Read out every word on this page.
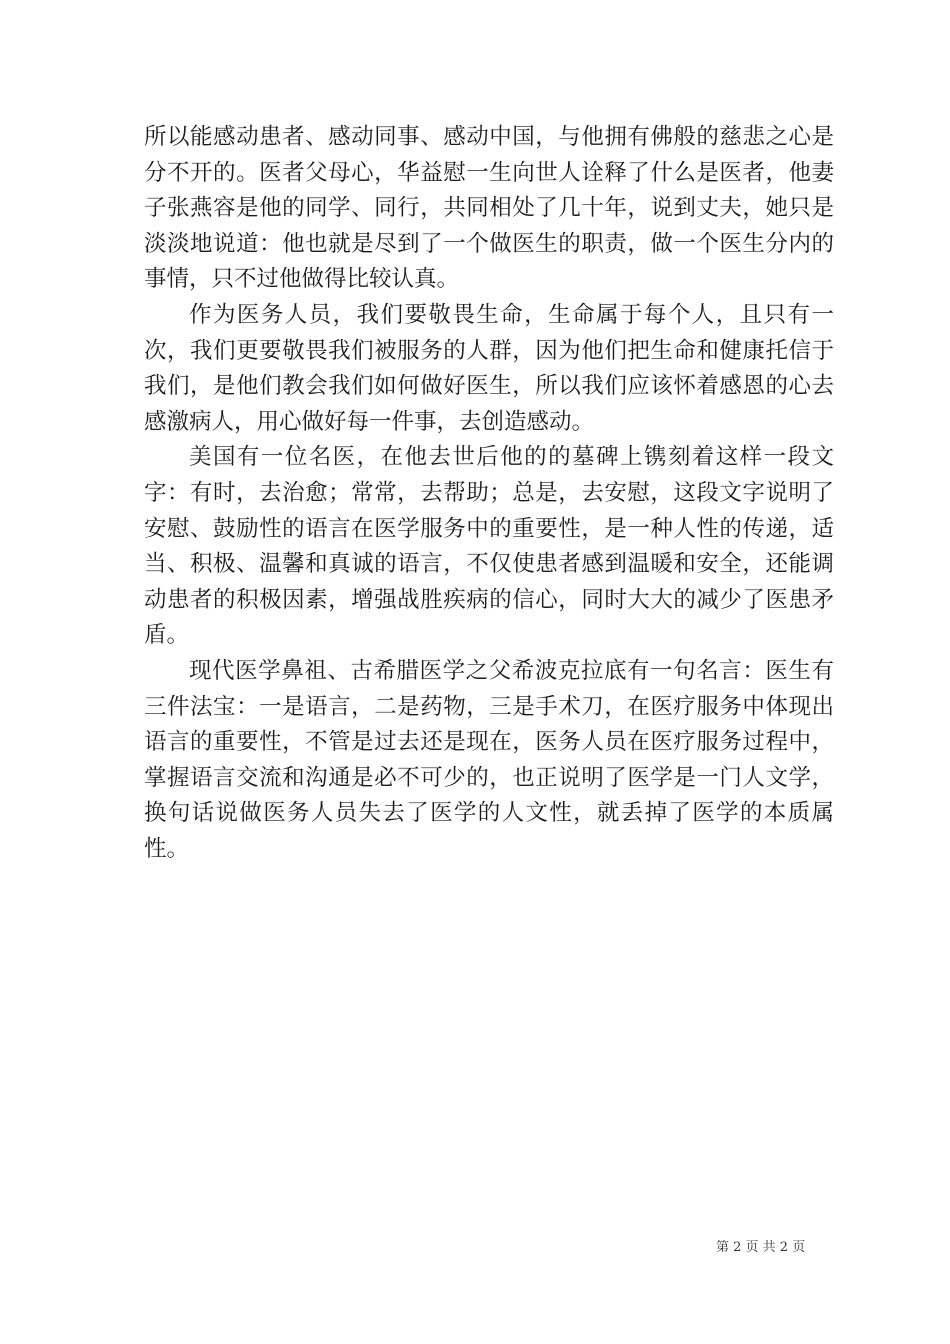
所以能感动患者、感动同事、感动中国，与他拥有佛般的慈悲之心是分不开的。医者父母心，华益慰一生向世人诠释了什么是医者，他妻子张燕容是他的同学、同行，共同相处了几十年，说到丈夫，她只是淡淡地说道：他也就是尽到了一个做医生的职责，做一个医生分内的事情，只不过他做得比较认真。

作为医务人员，我们要敬畏生命，生命属于每个人，且只有一次，我们更要敬畏我们被服务的人群，因为他们把生命和健康托信于我们，是他们教会我们如何做好医生，所以我们应该怀着感恩的心去感激病人，用心做好每一件事，去创造感动。

美国有一位名医，在他去世后他的的墓碑上镌刻着这样一段文字：有时，去治愈；常常，去帮助；总是，去安慰，这段文字说明了安慰、鼓励性的语言在医学服务中的重要性，是一种人性的传递，适当、积极、温馨和真诚的语言，不仅使患者感到温暖和安全，还能调动患者的积极因素，增强战胜疾病的信心，同时大大的减少了医患矛盾。

现代医学鼻祖、古希腊医学之父希波克拉底有一句名言：医生有三件法宝：一是语言，二是药物，三是手术刀，在医疗服务中体现出语言的重要性，不管是过去还是现在，医务人员在医疗服务过程中，掌握语言交流和沟通是必不可少的，也正说明了医学是一门人文学，换句话说做医务人员失去了医学的人文性，就丢掉了医学的本质属性。

第 2 页 共 2 页
